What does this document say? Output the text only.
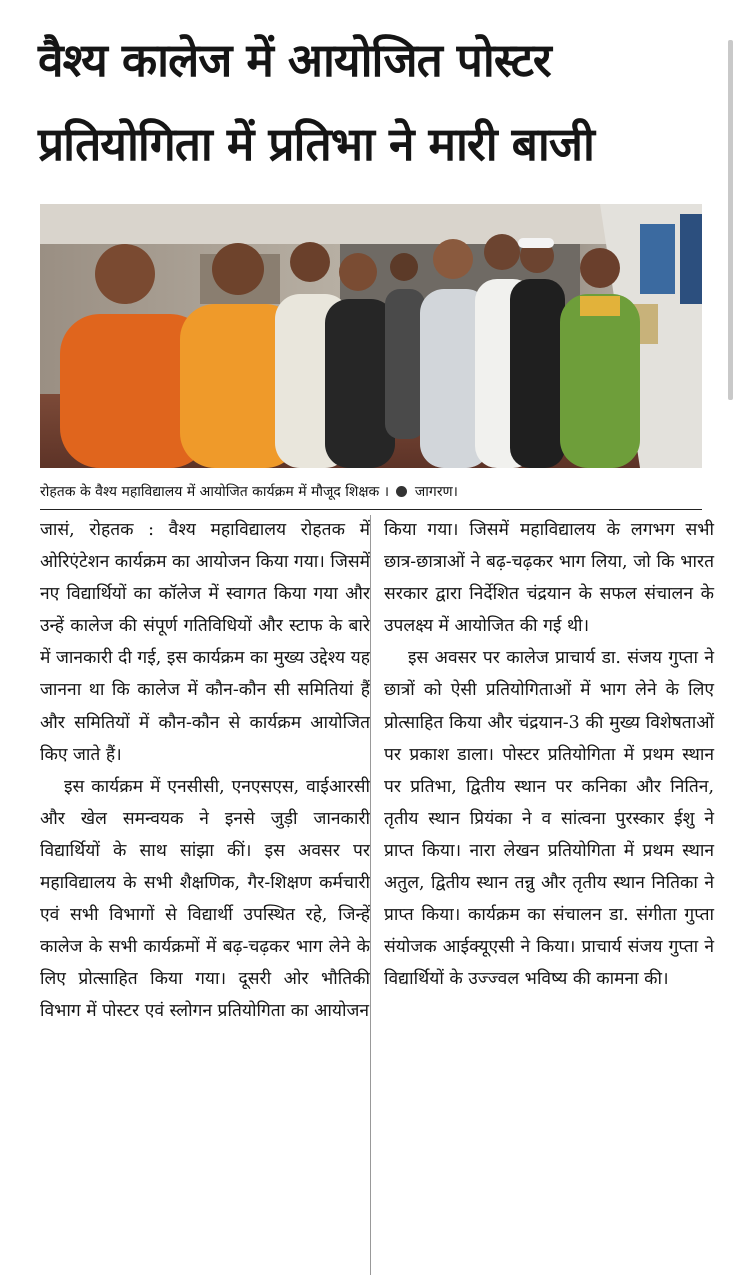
वैश्य कालेज में आयोजित पोस्टर
प्रतियोगिता में प्रतिभा ने मारी बाजी
रोहतक के वैश्य महाविद्यालय में आयोजित कार्यक्रम में मौजूद शिक्षक । जागरण।

जासं, रोहतक : वैश्य महाविद्यालय रोहतक में ओरिएंटेशन कार्यक्रम का आयोजन किया गया। जिसमें नए विद्यार्थियों का कॉलेज में स्वागत किया गया और उन्हें कालेज की संपूर्ण गतिविधियों और स्टाफ के बारे में जानकारी दी गई, इस कार्यक्रम का मुख्य उद्देश्य यह जानना था कि कालेज में कौन-कौन सी समितियां हैं और समितियों में कौन-कौन से कार्यक्रम आयोजित किए जाते हैं।

इस कार्यक्रम में एनसीसी, एनएसएस, वाईआरसी और खेल समन्वयक ने इनसे जुड़ी जानकारी विद्यार्थियों के साथ सांझा कीं। इस अवसर पर महाविद्यालय के सभी शैक्षणिक, गैर-शिक्षण कर्मचारी एवं सभी विभागों से विद्यार्थी उपस्थित रहे, जिन्हें कालेज के सभी कार्यक्रमों में बढ़-चढ़कर भाग लेने के लिए प्रोत्साहित किया गया। दूसरी ओर भौतिकी विभाग में पोस्टर एवं स्लोगन प्रतियोगिता का आयोजन

किया गया। जिसमें महाविद्यालय के लगभग सभी छात्र-छात्राओं ने बढ़-चढ़कर भाग लिया, जो कि भारत सरकार द्वारा निर्देशित चंद्रयान के सफल संचालन के उपलक्ष्य में आयोजित की गई थी।

इस अवसर पर कालेज प्राचार्य डा. संजय गुप्ता ने छात्रों को ऐसी प्रतियोगिताओं में भाग लेने के लिए प्रोत्साहित किया और चंद्रयान-3 की मुख्य विशेषताओं पर प्रकाश डाला। पोस्टर प्रतियोगिता में प्रथम स्थान पर प्रतिभा, द्वितीय स्थान पर कनिका और नितिन, तृतीय स्थान प्रियंका ने व सांत्वना पुरस्कार ईशु ने प्राप्त किया। नारा लेखन प्रतियोगिता में प्रथम स्थान अतुल, द्वितीय स्थान तन्नु और तृतीय स्थान नितिका ने प्राप्त किया। कार्यक्रम का संचालन डा. संगीता गुप्ता संयोजक आईक्यूएसी ने किया। प्राचार्य संजय गुप्ता ने विद्यार्थियों के उज्ज्वल भविष्य की कामना की।
